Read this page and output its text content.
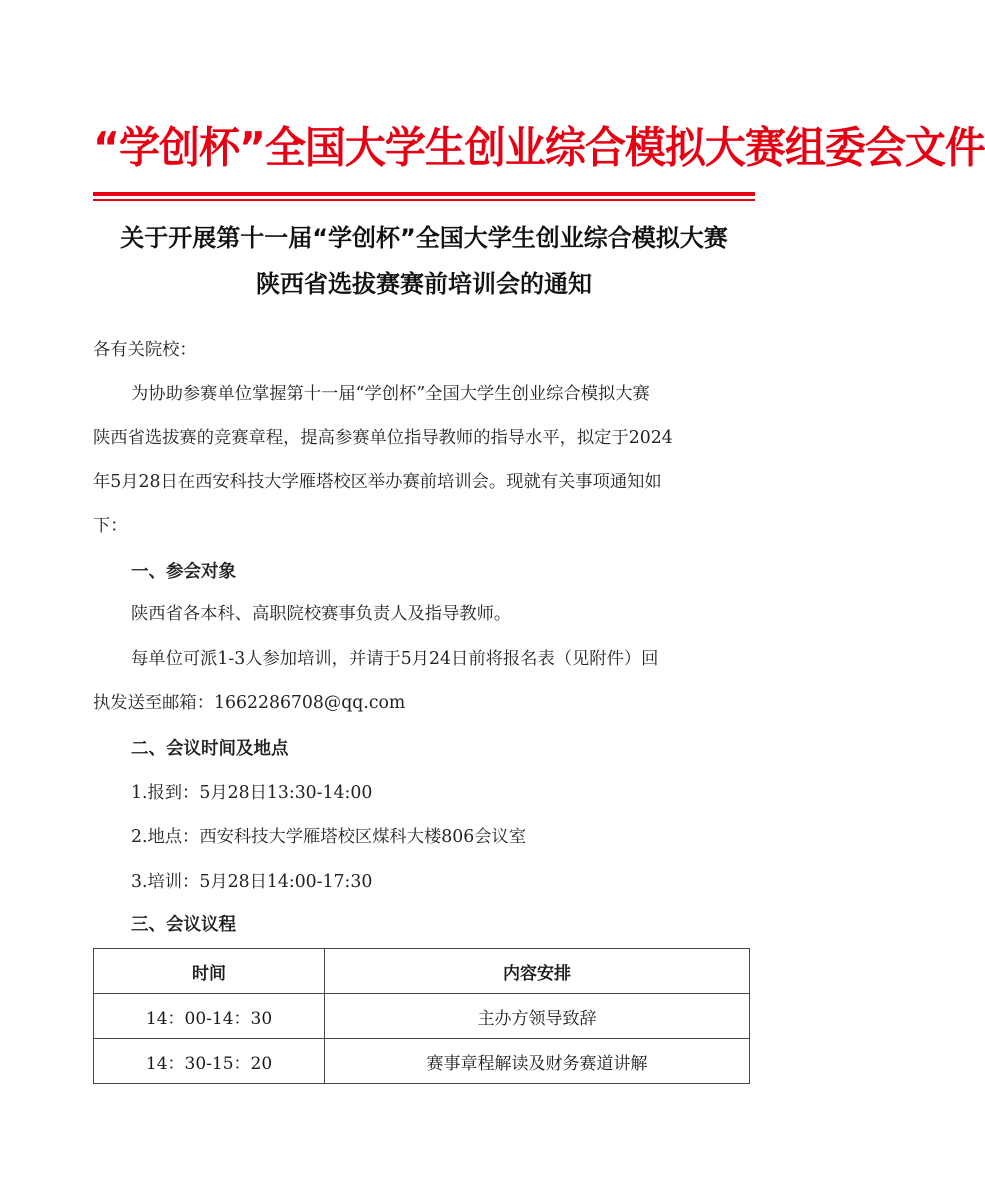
“学创杯”全国大学生创业综合模拟大赛组委会文件
关于开展第十一届“学创杯”全国大学生创业综合模拟大赛
陕西省选拔赛赛前培训会的通知
各有关院校：
为协助参赛单位掌握第十一届“学创杯”全国大学生创业综合模拟大赛
陕西省选拔赛的竞赛章程，提高参赛单位指导教师的指导水平，拟定于2024
年5月28日在西安科技大学雁塔校区举办赛前培训会。现就有关事项通知如
下：
一、参会对象
陕西省各本科、高职院校赛事负责人及指导教师。
每单位可派1-3人参加培训，并请于5月24日前将报名表（见附件）回
执发送至邮箱：1662286708@qq.com
二、会议时间及地点
1.报到：5月28日13:30-14:00
2.地点：西安科技大学雁塔校区煤科大楼806会议室
3.培训：5月28日14:00-17:30
三、会议议程
时间	内容安排
14：00-14：30	主办方领导致辞
14：30-15：20	赛事章程解读及财务赛道讲解
